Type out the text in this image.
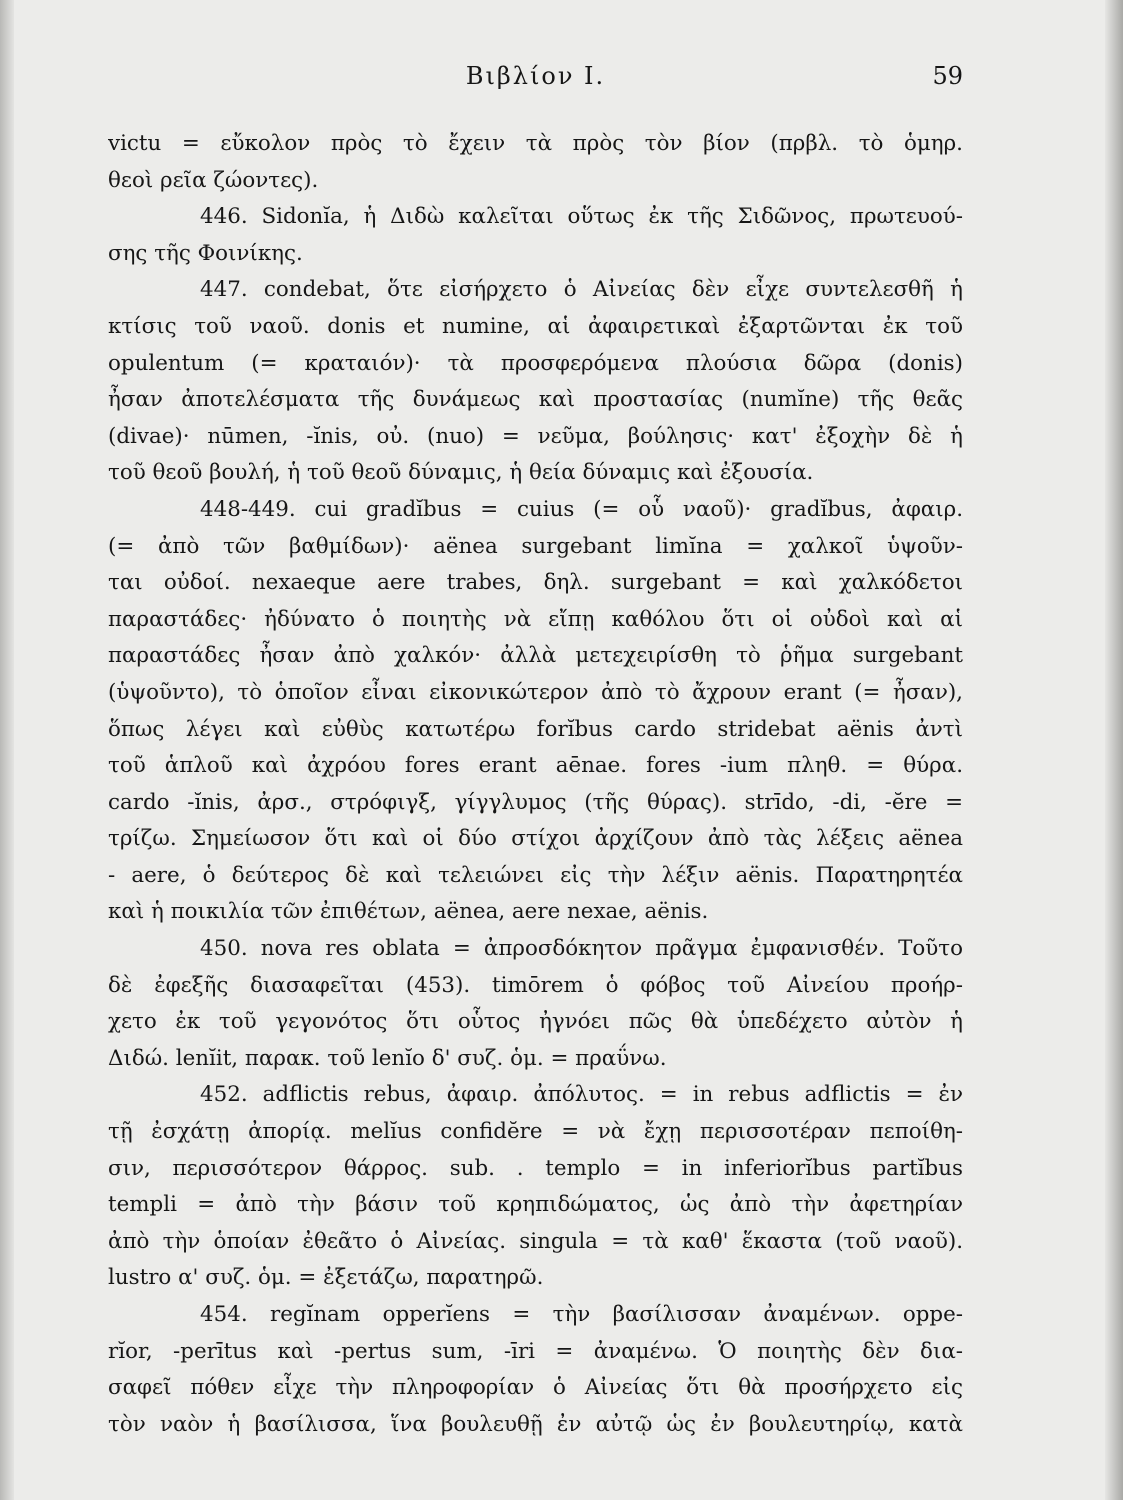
Βιβλίον I.	59
victu = εὔκολον πρὸς τὸ ἔχειν τὰ πρὸς τὸν βίον (πρβλ. τὸ ὁμηρ.
θεοὶ ρεῖα ζώοντες).
446. Sidonĭa, ἡ Διδὼ καλεῖται οὕτως ἐκ τῆς Σιδῶνος, πρωτευού-
σης τῆς Φοινίκης.
447. condebat, ὅτε εἰσήρχετο ὁ Αἰνείας δὲν εἶχε συντελεσθῆ ἡ
κτίσις τοῦ ναοῦ. donis et numine, αἱ ἀφαιρετικαὶ ἐξαρτῶνται ἐκ τοῦ
opulentum (= κραταιόν)· τὰ προσφερόμενα πλούσια δῶρα (donis)
ἦσαν ἀποτελέσματα τῆς δυνάμεως καὶ προστασίας (numĭne) τῆς θεᾶς
(divae)· nūmen, -ĭnis, οὐ. (nuo) = νεῦμα, βούλησις· κατ' ἐξοχὴν δὲ ἡ
τοῦ θεοῦ βουλή, ἡ τοῦ θεοῦ δύναμις, ἡ θεία δύναμις καὶ ἐξουσία.
448-449. cui gradĭbus = cuius (= οὗ ναοῦ)· gradĭbus, ἀφαιρ.
(= ἀπὸ τῶν βαθμίδων)· aënea surgebant limĭna = χαλκοῖ ὑψοῦν-
ται οὐδοί. nexaeque aere trabes, δηλ. surgebant = καὶ χαλκόδετοι
παραστάδες· ἠδύνατο ὁ ποιητὴς νὰ εἴπῃ καθόλου ὅτι οἱ οὐδοὶ καὶ αἱ
παραστάδες ἦσαν ἀπὸ χαλκόν· ἀλλὰ μετεχειρίσθη τὸ ῥῆμα surgebant
(ὑψοῦντο), τὸ ὁποῖον εἶναι εἰκονικώτερον ἀπὸ τὸ ἄχρουν erant (= ἦσαν),
ὅπως λέγει καὶ εὐθὺς κατωτέρω forĭbus cardo stridebat aënis ἀντὶ
τοῦ ἁπλοῦ καὶ ἀχρόου fores erant aēnae. fores -ium πληθ. = θύρα.
cardo -ĭnis, ἀρσ., στρόφιγξ, γίγγλυμος (τῆς θύρας). strīdo, -di, -ĕre =
τρίζω. Σημείωσον ὅτι καὶ οἱ δύο στίχοι ἀρχίζουν ἀπὸ τὰς λέξεις aënea
- aere, ὁ δεύτερος δὲ καὶ τελειώνει εἰς τὴν λέξιν aënis. Παρατηρητέα
καὶ ἡ ποικιλία τῶν ἐπιθέτων, aënea, aere nexae, aënis.
450. nova res oblata = ἀπροσδόκητον πρᾶγμα ἐμφανισθέν. Τοῦτο
δὲ ἐφεξῆς διασαφεῖται (453). timōrem ὁ φόβος τοῦ Αἰνείου προήρ-
χετο ἐκ τοῦ γεγονότος ὅτι οὗτος ἠγνόει πῶς θὰ ὑπεδέχετο αὐτὸν ἡ
Διδώ. lenĭit, παρακ. τοῦ lenĭo δ' συζ. ὁμ. = πραΰνω.
452. adflictis rebus, ἀφαιρ. ἀπόλυτος. = in rebus adflictis = ἐν
τῇ ἐσχάτῃ ἀπορίᾳ. melĭus confidĕre = νὰ ἔχῃ περισσοτέραν πεποίθη-
σιν, περισσότερον θάρρος. sub. . templo = in inferiorĭbus partĭbus
templi = ἀπὸ τὴν βάσιν τοῦ κρηπιδώματος, ὡς ἀπὸ τὴν ἀφετηρίαν
ἀπὸ τὴν ὁποίαν ἐθεᾶτο ὁ Αἰνείας. singula = τὰ καθ' ἕκαστα (τοῦ ναοῦ).
lustro α' συζ. ὁμ. = ἐξετάζω, παρατηρῶ.
454. regĭnam opperĭens = τὴν βασίλισσαν ἀναμένων. oppe-
rĭor, -perītus καὶ -pertus sum, -īri = ἀναμένω. Ὁ ποιητὴς δὲν δια-
σαφεῖ πόθεν εἶχε τὴν πληροφορίαν ὁ Αἰνείας ὅτι θὰ προσήρχετο εἰς
τὸν ναὸν ἡ βασίλισσα, ἵνα βουλευθῇ ἐν αὐτῷ ὡς ἐν βουλευτηρίῳ, κατὰ
